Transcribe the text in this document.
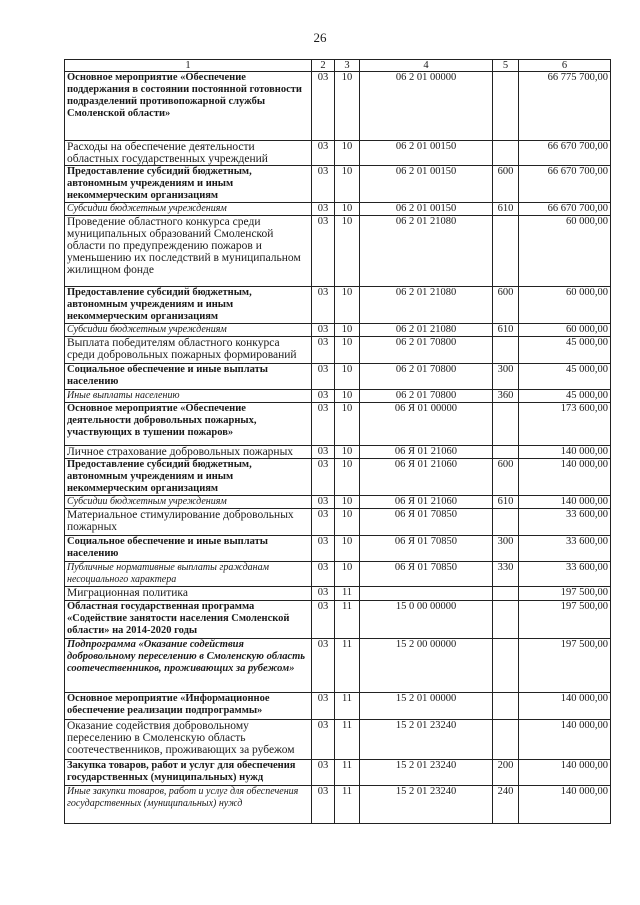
26
1	2	3	4	5	6
Основное мероприятие «Обеспечение поддержания в состоянии постоянной готовности подразделений противопожарной службы Смоленской области»	03	10	06 2 01 00000		66 775 700,00
Расходы на обеспечение деятельности областных государственных учреждений	03	10	06 2 01 00150		66 670 700,00
Предоставление субсидий бюджетным, автономным учреждениям и иным некоммерческим организациям	03	10	06 2 01 00150	600	66 670 700,00
Субсидии бюджетным учреждениям	03	10	06 2 01 00150	610	66 670 700,00
Проведение областного конкурса среди муниципальных образований Смоленской области по предупреждению пожаров и уменьшению их последствий в муниципальном жилищном фонде	03	10	06 2 01 21080		60 000,00
Предоставление субсидий бюджетным, автономным учреждениям и иным некоммерческим организациям	03	10	06 2 01 21080	600	60 000,00
Субсидии бюджетным учреждениям	03	10	06 2 01 21080	610	60 000,00
Выплата победителям областного конкурса среди добровольных пожарных формирований	03	10	06 2 01 70800		45 000,00
Социальное обеспечение и иные выплаты населению	03	10	06 2 01 70800	300	45 000,00
Иные выплаты населению	03	10	06 2 01 70800	360	45 000,00
Основное мероприятие «Обеспечение деятельности добровольных пожарных, участвующих в тушении пожаров»	03	10	06 Я 01 00000		173 600,00
Личное страхование добровольных пожарных	03	10	06 Я 01 21060		140 000,00
Предоставление субсидий бюджетным, автономным учреждениям и иным некоммерческим организациям	03	10	06 Я 01 21060	600	140 000,00
Субсидии бюджетным учреждениям	03	10	06 Я 01 21060	610	140 000,00
Материальное стимулирование добровольных пожарных	03	10	06 Я 01 70850		33 600,00
Социальное обеспечение и иные выплаты населению	03	10	06 Я 01 70850	300	33 600,00
Публичные нормативные выплаты гражданам несоциального характера	03	10	06 Я 01 70850	330	33 600,00
Миграционная политика	03	11			197 500,00
Областная государственная программа «Содействие занятости населения Смоленской области» на 2014-2020 годы	03	11	15 0 00 00000		197 500,00
Подпрограмма «Оказание содействия добровольному переселению в Смоленскую область соотечественников, проживающих за рубежом»	03	11	15 2 00 00000		197 500,00
Основное мероприятие «Информационное обеспечение реализации подпрограммы»	03	11	15 2 01 00000		140 000,00
Оказание содействия добровольному переселению в Смоленскую область соотечественников, проживающих за рубежом	03	11	15 2 01 23240		140 000,00
Закупка товаров, работ и услуг для обеспечения государственных (муниципальных) нужд	03	11	15 2 01 23240	200	140 000,00
Иные закупки товаров, работ и услуг для обеспечения государственных (муниципальных) нужд	03	11	15 2 01 23240	240	140 000,00
